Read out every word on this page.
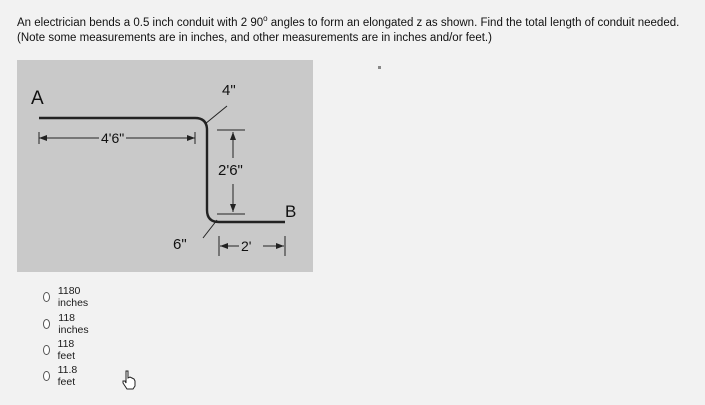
An electrician bends a 0.5 inch conduit with 2 90$^o$ angles to form an elongated z as shown. Find the total length of conduit needed. (Note some measurements are in inches, and other measurements are in inches and/or feet.)
A
B
4'6"
4"
2'6"
6"	2'
1180 inches
118 inches
118 feet
11.8 feet
